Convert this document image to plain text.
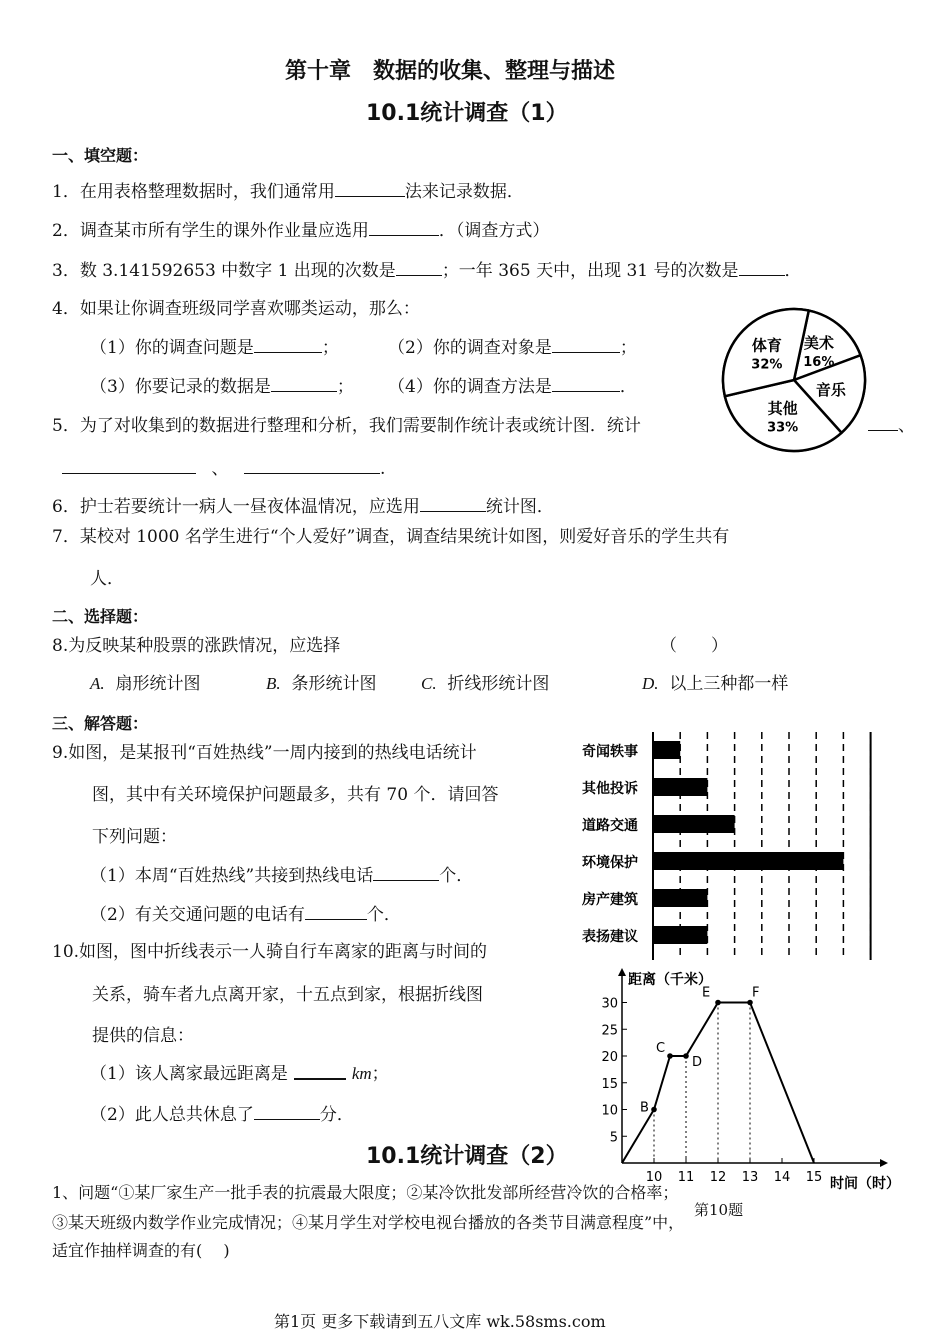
第十章　数据的收集、整理与描述
10.1统计调查（1）
一、填空题：
1．在用表格整理数据时，我们通常用	法来记录数据．
2．调查某市所有学生的课外作业量应选用	．（调查方式）
3．数 3.141592653 中数字 1 出现的次数是	；一年 365 天中，出现 31 号的次数是	．
4．如果让你调查班级同学喜欢哪类运动，那么：
（1）你的调查问题是	；	（2）你的调查对象是	；
（3）你要记录的数据是	； （4）你的调查方法是	．
5．为了对收集到的数据进行整理和分析，我们需要制作统计表或统计图．统计	、
、	.
6．护士若要统计一病人一昼夜体温情况，应选用	统计图．
7．某校对 1000 名学生进行“个人爱好”调查，调查结果统计如图，则爱好音乐的学生共有
人．
体育
32%
美术
16%
音乐
其他
33%
二、选择题：
8.为反映某种股票的涨跌情况，应选择	（　　）
A. 扇形统计图	B. 条形统计图	C. 折线形统计图	D. 以上三种都一样
三、解答题：
9.如图，是某报刊“百姓热线”一周内接到的热线电话统计
图，其中有关环境保护问题最多，共有 70 个．请回答
下列问题：
（1）本周“百姓热线”共接到热线电话	个．
（2）有关交通问题的电话有	个．
10.如图，图中折线表示一人骑自行车离家的距离与时间的
关系，骑车者九点离开家，十五点到家，根据折线图
提供的信息：
（1）该人离家最远距离是	km；
（2）此人总共休息了	分．
奇闻轶事
其他投诉
道路交通
环境保护
房产建筑
表扬建议
距离（千米）
时间（时）
5
10
15
20
25
30
10 11 12 13 14 15
B
C
D
E	F
10.1统计调查（2）
1、问题“①某厂家生产一批手表的抗震最大限度；②某冷饮批发部所经营冷饮的合格率；
③某天班级内数学作业完成情况；④某月学生对学校电视台播放的各类节目满意程度”中，
适宜作抽样调查的有(　 )
第10题
第1页 更多下载请到五八文库 wk.58sms.com
